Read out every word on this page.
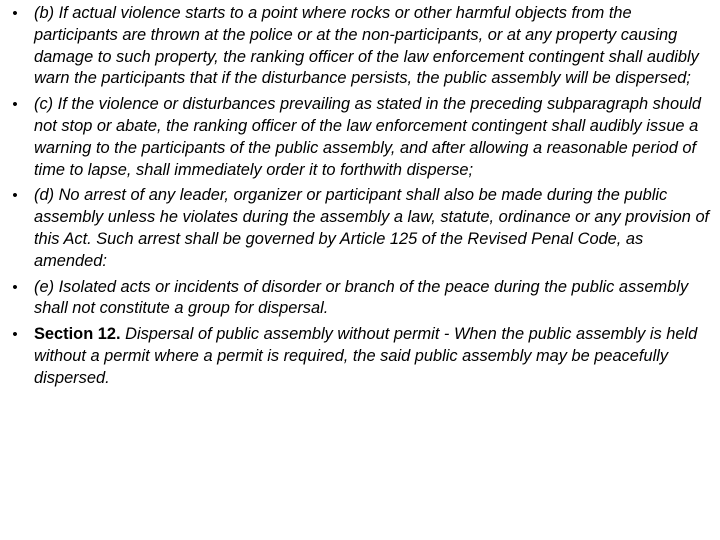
• (b) If actual violence starts to a point where rocks or other harmful objects from the participants are thrown at the police or at the non-participants, or at any property causing damage to such property, the ranking officer of the law enforcement contingent shall audibly warn the participants that if the disturbance persists, the public assembly will be dispersed;
• (c) If the violence or disturbances prevailing as stated in the preceding subparagraph should not stop or abate, the ranking officer of the law enforcement contingent shall audibly issue a warning to the participants of the public assembly, and after allowing a reasonable period of time to lapse, shall immediately order it to forthwith disperse;
• (d) No arrest of any leader, organizer or participant shall also be made during the public assembly unless he violates during the assembly a law, statute, ordinance or any provision of this Act. Such arrest shall be governed by Article 125 of the Revised Penal Code, as amended:
• (e) Isolated acts or incidents of disorder or branch of the peace during the public assembly shall not constitute a group for dispersal.
• Section 12. Dispersal of public assembly without permit - When the public assembly is held without a permit where a permit is required, the said public assembly may be peacefully dispersed.
